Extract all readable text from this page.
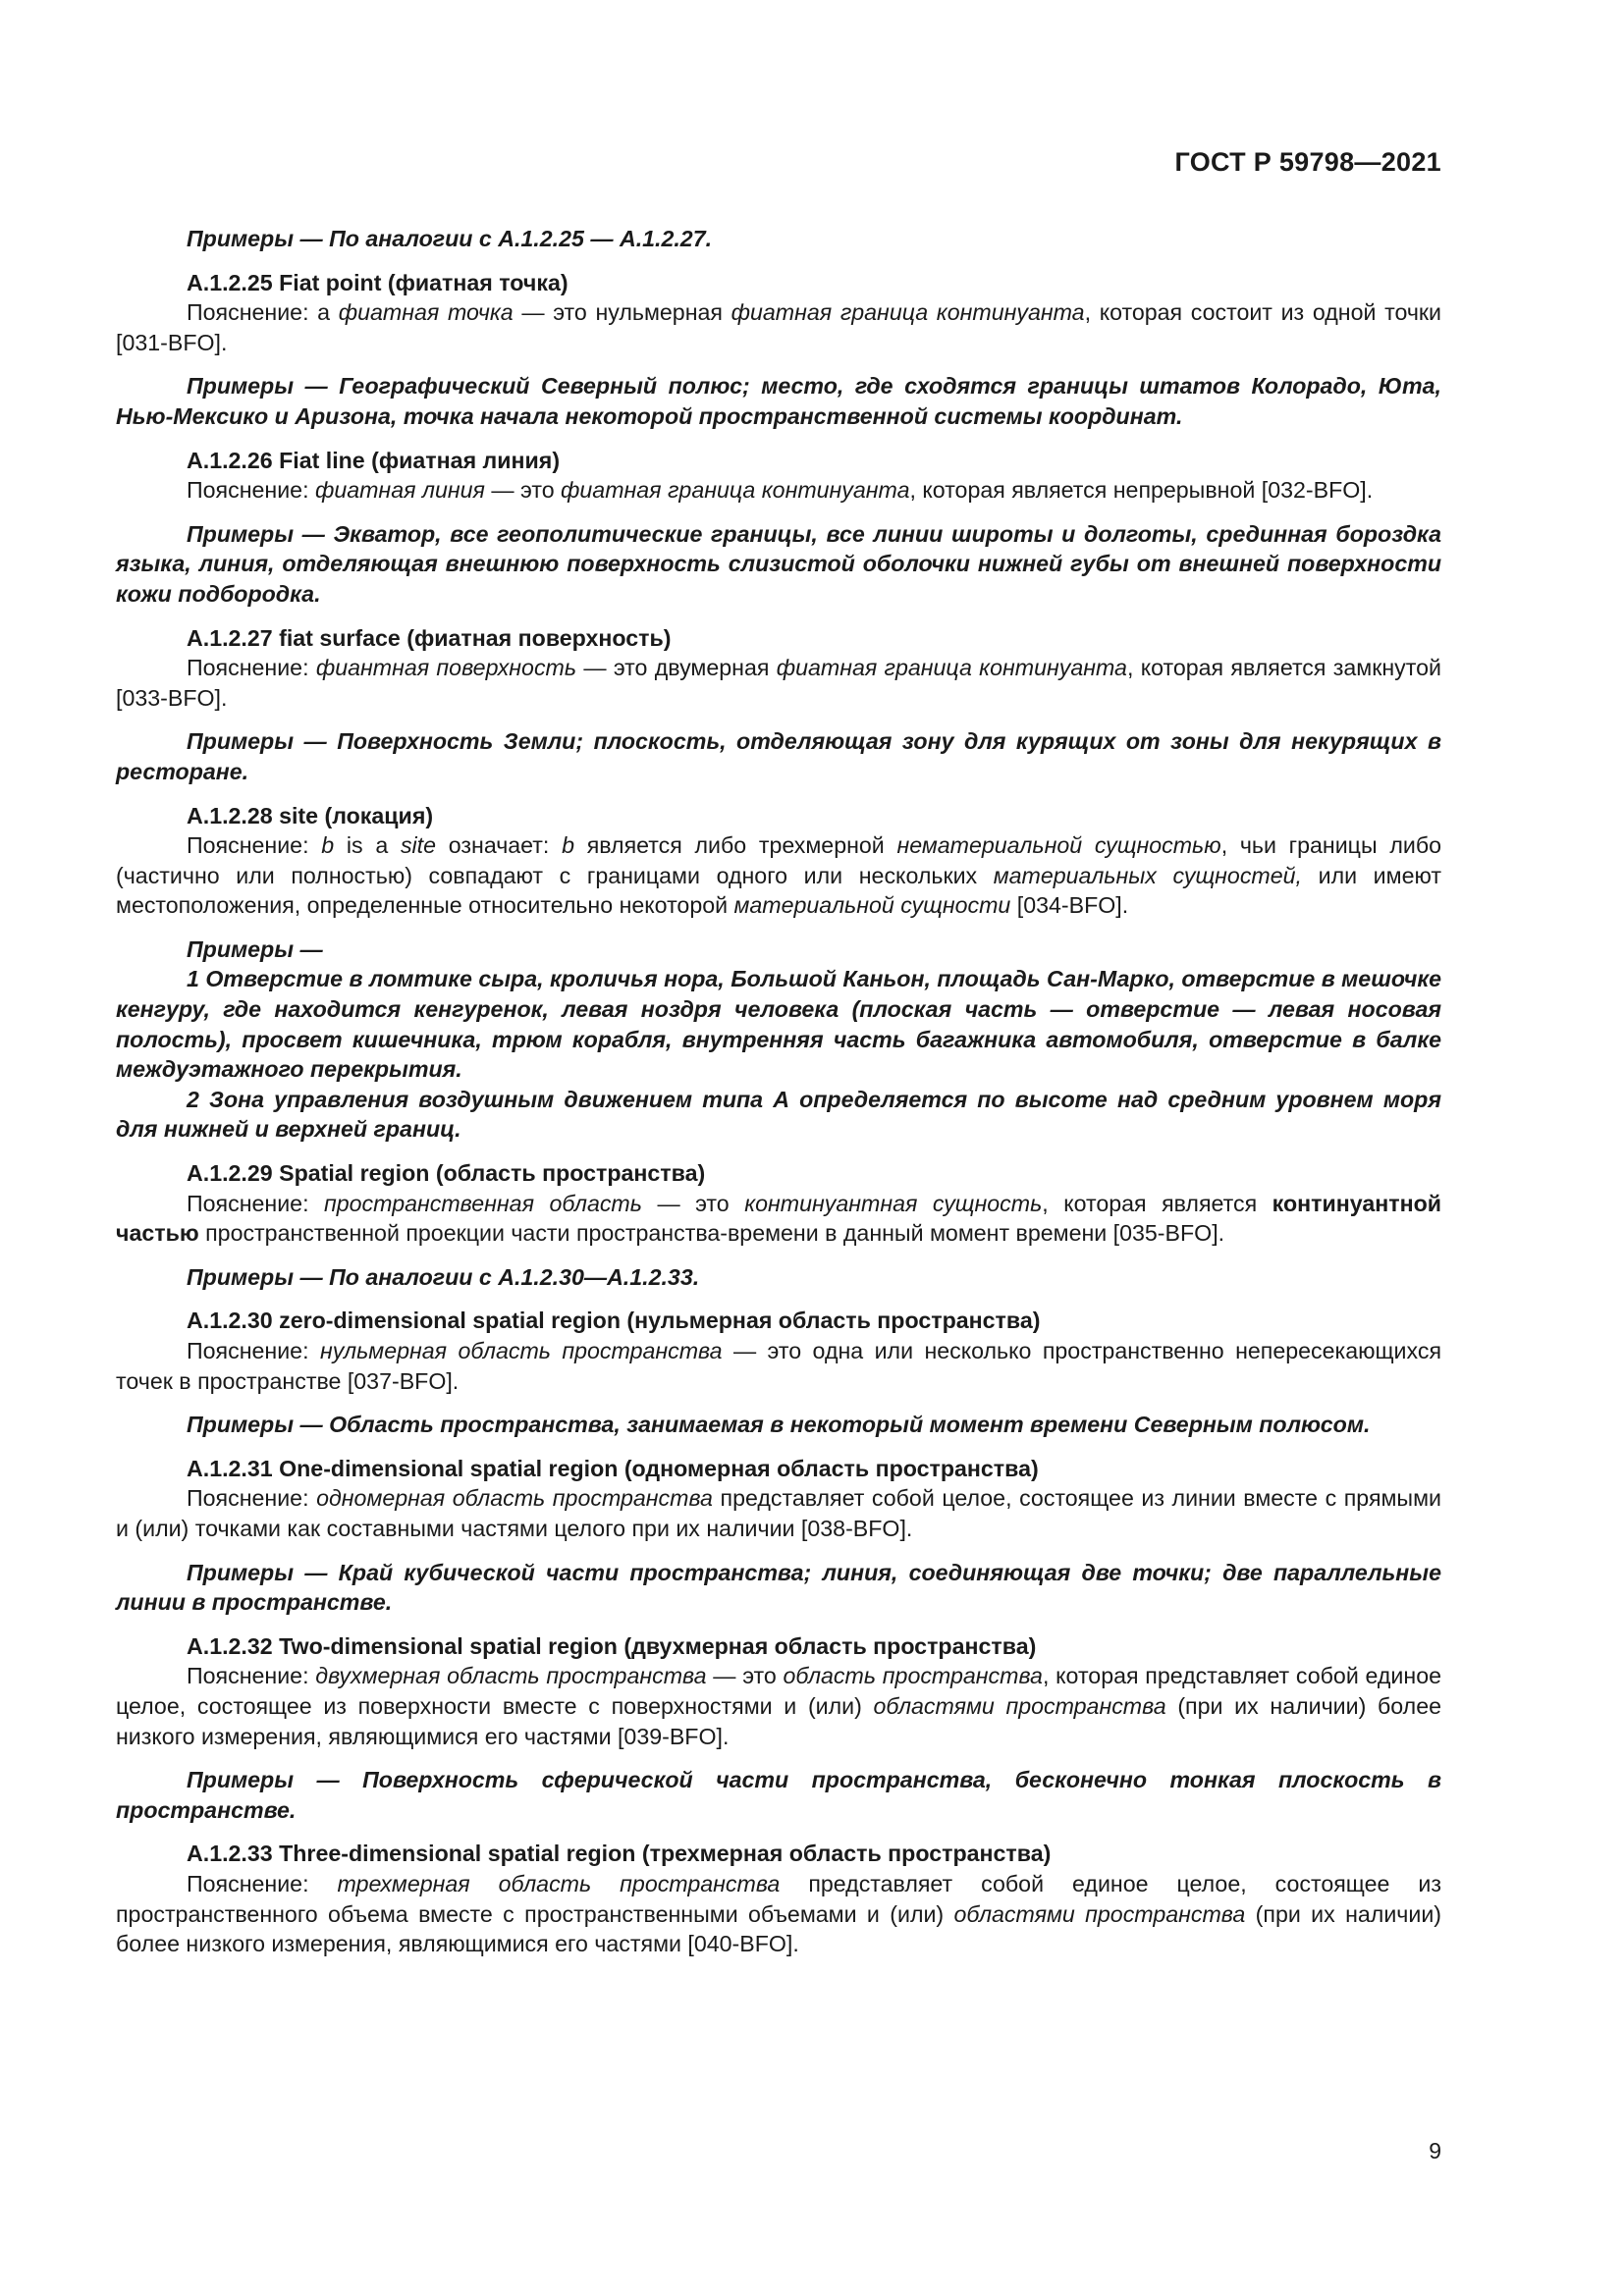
ГОСТ Р 59798—2021

Примеры — По аналогии с А.1.2.25 — А.1.2.27.

А.1.2.25 Fiat point (фиатная точка)

Пояснение: a фиатная точка — это нульмерная фиатная граница континуанта, которая состоит из одной точки [031-BFO].

Примеры — Географический Северный полюс; место, где сходятся границы штатов Колорадо, Юта, Нью-Мексико и Аризона, точка начала некоторой пространственной системы координат.

А.1.2.26 Fiat line (фиатная линия)

Пояснение: фиатная линия — это фиатная граница континуанта, которая является непрерывной [032-BFO].

Примеры — Экватор, все геополитические границы, все линии широты и долготы, срединная бороздка языка, линия, отделяющая внешнюю поверхность слизистой оболочки нижней губы от внешней поверхности кожи подбородка.

А.1.2.27 fiat surface (фиатная поверхность)

Пояснение: фиантная поверхность — это двумерная фиатная граница континуанта, которая является замкнутой [033-BFO].

Примеры — Поверхность Земли; плоскость, отделяющая зону для курящих от зоны для некурящих в ресторане.

А.1.2.28 site (локация)

Пояснение: b is a site означает: b является либо трехмерной нематериальной сущностью, чьи границы либо (частично или полностью) совпадают с границами одного или нескольких материальных сущностей, или имеют местоположения, определенные относительно некоторой материальной сущности [034-BFO].

Примеры —

1 Отверстие в ломтике сыра, кроличья нора, Большой Каньон, площадь Сан-Марко, отверстие в мешочке кенгуру, где находится кенгуренок, левая ноздря человека (плоская часть — отверстие — левая носовая полость), просвет кишечника, трюм корабля, внутренняя часть багажника автомобиля, отверстие в балке междуэтажного перекрытия.

2 Зона управления воздушным движением типа А определяется по высоте над средним уровнем моря для нижней и верхней границ.

А.1.2.29 Spatial region (область пространства)

Пояснение: пространственная область — это континуантная сущность, которая является континуантной частью пространственной проекции части пространства-времени в данный момент времени [035-BFO].

Примеры — По аналогии с А.1.2.30—А.1.2.33.

А.1.2.30 zero-dimensional spatial region (нульмерная область пространства)

Пояснение: нульмерная область пространства — это одна или несколько пространственно непересекающихся точек в пространстве [037-BFO].

Примеры — Область пространства, занимаемая в некоторый момент времени Северным полюсом.

А.1.2.31 One-dimensional spatial region (одномерная область пространства)

Пояснение: одномерная область пространства представляет собой целое, состоящее из линии вместе с прямыми и (или) точками как составными частями целого при их наличии [038-BFO].

Примеры — Край кубической части пространства; линия, соединяющая две точки; две параллельные линии в пространстве.

А.1.2.32 Two-dimensional spatial region (двухмерная область пространства)

Пояснение: двухмерная область пространства — это область пространства, которая представляет собой единое целое, состоящее из поверхности вместе с поверхностями и (или) областями пространства (при их наличии) более низкого измерения, являющимися его частями [039-BFO].

Примеры — Поверхность сферической части пространства, бесконечно тонкая плоскость в пространстве.

А.1.2.33 Three-dimensional spatial region (трехмерная область пространства)

Пояснение: трехмерная область пространства представляет собой единое целое, состоящее из пространственного объема вместе с пространственными объемами и (или) областями пространства (при их наличии) более низкого измерения, являющимися его частями [040-BFO].

9
